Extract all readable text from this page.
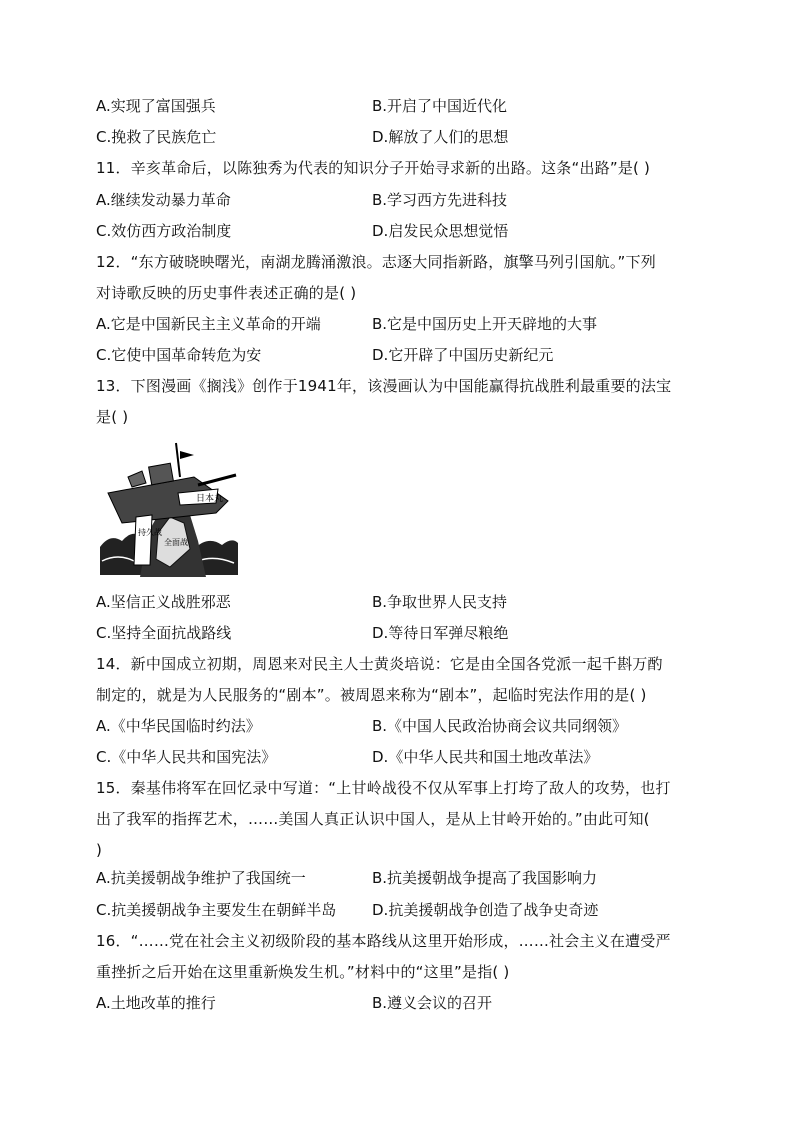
A.实现了富国强兵	B.开启了中国近代化
C.挽救了民族危亡	D.解放了人们的思想
11．辛亥革命后，以陈独秀为代表的知识分子开始寻求新的出路。这条“出路”是( )
A.继续发动暴力革命	B.学习西方先进科技
C.效仿西方政治制度	D.启发民众思想觉悟
12．“东方破晓映曙光，南湖龙腾涌激浪。志逐大同指新路，旗擎马列引国航。”下列
对诗歌反映的历史事件表述正确的是( )
A.它是中国新民主主义革命的开端	B.它是中国历史上开天辟地的大事
C.它使中国革命转危为安	D.它开辟了中国历史新纪元
13．下图漫画《搁浅》创作于1941年，该漫画认为中国能赢得抗战胜利最重要的法宝
是( )
日本丸
持久战
全面战
A.坚信正义战胜邪恶	B.争取世界人民支持
C.坚持全面抗战路线	D.等待日军弹尽粮绝
14．新中国成立初期，周恩来对民主人士黄炎培说：它是由全国各党派一起千斟万酌
制定的，就是为人民服务的“剧本”。被周恩来称为“剧本”，起临时宪法作用的是( )
A.《中华民国临时约法》	B.《中国人民政治协商会议共同纲领》
C.《中华人民共和国宪法》	D.《中华人民共和国土地改革法》
15．秦基伟将军在回忆录中写道：“上甘岭战役不仅从军事上打垮了敌人的攻势，也打
出了我军的指挥艺术，……美国人真正认识中国人，是从上甘岭开始的。”由此可知(
)
A.抗美援朝战争维护了我国统一	B.抗美援朝战争提高了我国影响力
C.抗美援朝战争主要发生在朝鲜半岛 D.抗美援朝战争创造了战争史奇迹
16．“……党在社会主义初级阶段的基本路线从这里开始形成，……社会主义在遭受严
重挫折之后开始在这里重新焕发生机。”材料中的“这里”是指( )
A.土地改革的推行	B.遵义会议的召开
